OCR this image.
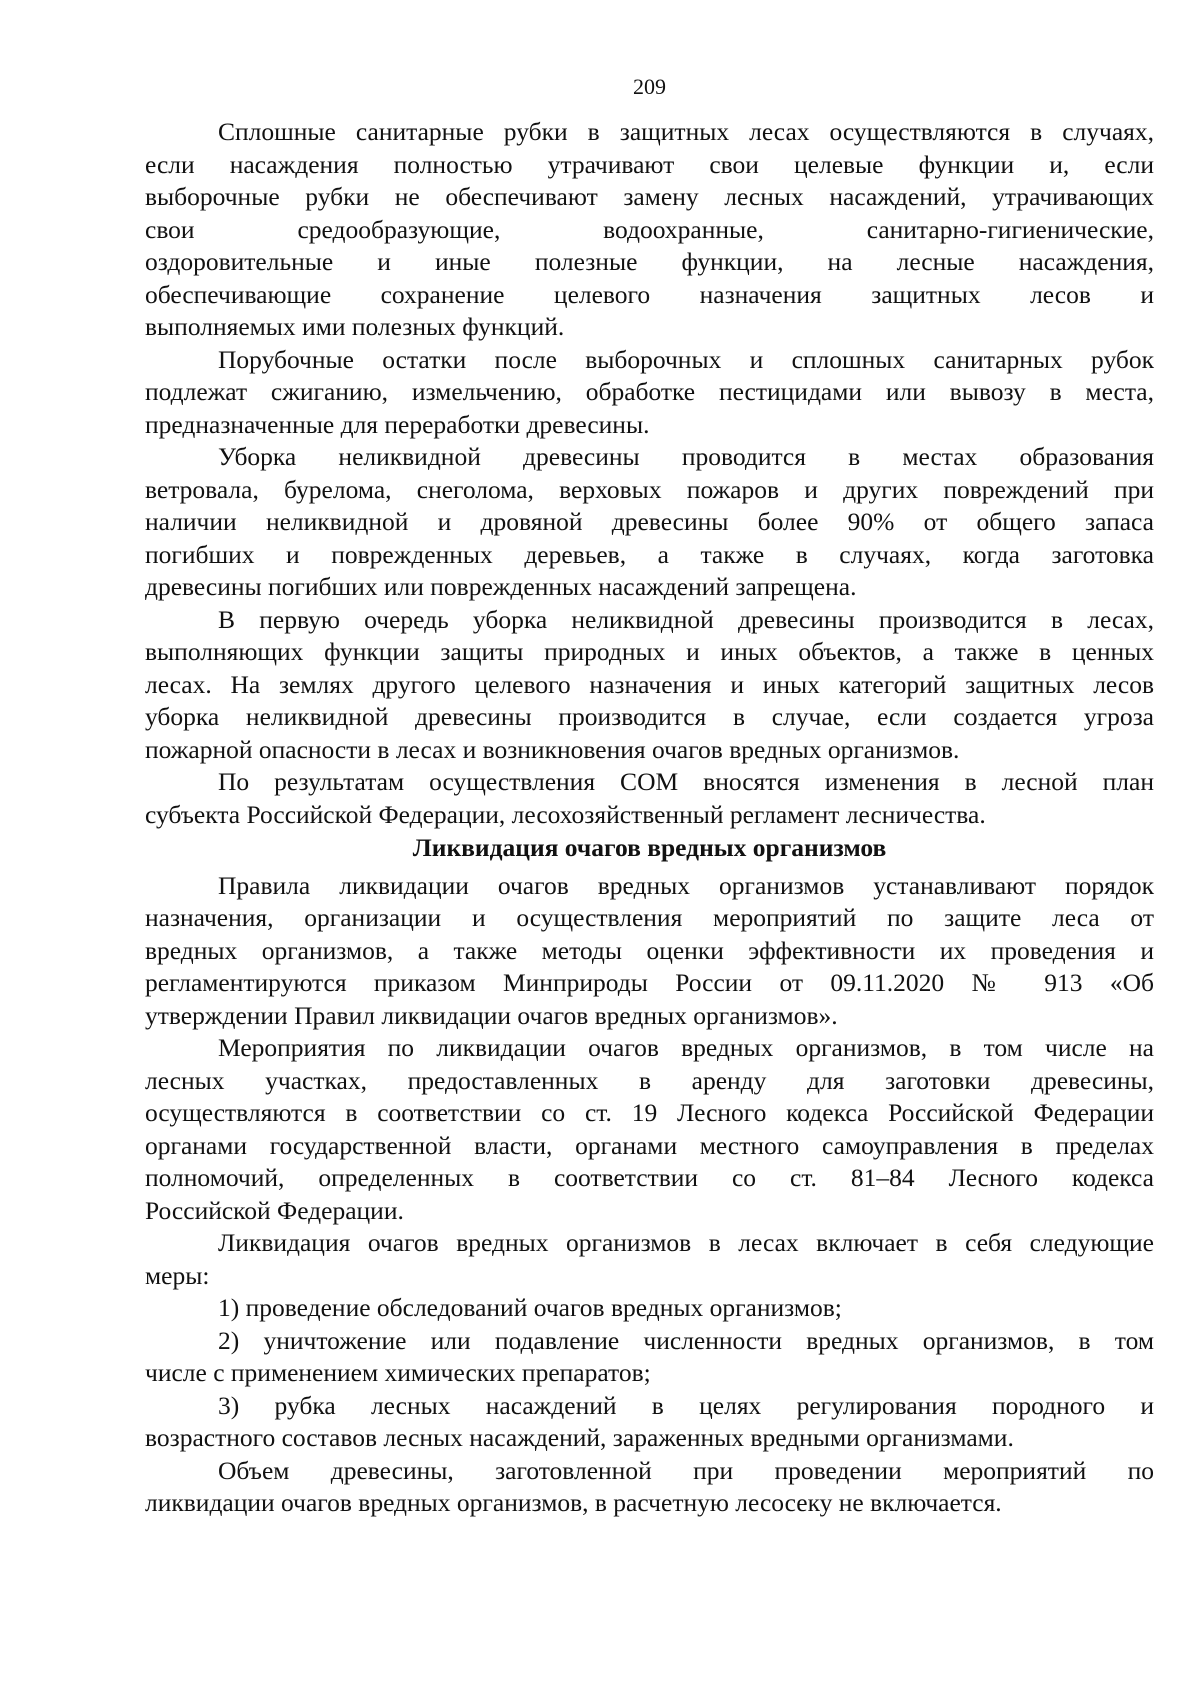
209
Сплошные санитарные рубки в защитных лесах осуществляются в случаях,
если насаждения полностью утрачивают свои целевые функции и, если
выборочные рубки не обеспечивают замену лесных насаждений, утрачивающих
свои средообразующие, водоохранные, санитарно-гигиенические,
оздоровительные и иные полезные функции, на лесные насаждения,
обеспечивающие сохранение целевого назначения защитных лесов и
выполняемых ими полезных функций.
Порубочные остатки после выборочных и сплошных санитарных рубок
подлежат сжиганию, измельчению, обработке пестицидами или вывозу в места,
предназначенные для переработки древесины.
Уборка неликвидной древесины проводится в местах образования
ветровала, бурелома, снеголома, верховых пожаров и других повреждений при
наличии неликвидной и дровяной древесины более 90% от общего запаса
погибших и поврежденных деревьев, а также в случаях, когда заготовка
древесины погибших или поврежденных насаждений запрещена.
В первую очередь уборка неликвидной древесины производится в лесах,
выполняющих функции защиты природных и иных объектов, а также в ценных
лесах. На землях другого целевого назначения и иных категорий защитных лесов
уборка неликвидной древесины производится в случае, если создается угроза
пожарной опасности в лесах и возникновения очагов вредных организмов.
По результатам осуществления СОМ вносятся изменения в лесной план
субъекта Российской Федерации, лесохозяйственный регламент лесничества.
Ликвидация очагов вредных организмов
Правила ликвидации очагов вредных организмов устанавливают порядок
назначения, организации и осуществления мероприятий по защите леса от
вредных организмов, а также методы оценки эффективности их проведения и
регламентируются приказом Минприроды России от 09.11.2020 № 913 «Об
утверждении Правил ликвидации очагов вредных организмов».
Мероприятия по ликвидации очагов вредных организмов, в том числе на
лесных участках, предоставленных в аренду для заготовки древесины,
осуществляются в соответствии со ст. 19 Лесного кодекса Российской Федерации
органами государственной власти, органами местного самоуправления в пределах
полномочий, определенных в соответствии со ст. 81–84 Лесного кодекса
Российской Федерации.
Ликвидация очагов вредных организмов в лесах включает в себя следующие
меры:
1) проведение обследований очагов вредных организмов;
2) уничтожение или подавление численности вредных организмов, в том
числе с применением химических препаратов;
3) рубка лесных насаждений в целях регулирования породного и
возрастного составов лесных насаждений, зараженных вредными организмами.
Объем древесины, заготовленной при проведении мероприятий по
ликвидации очагов вредных организмов, в расчетную лесосеку не включается.
